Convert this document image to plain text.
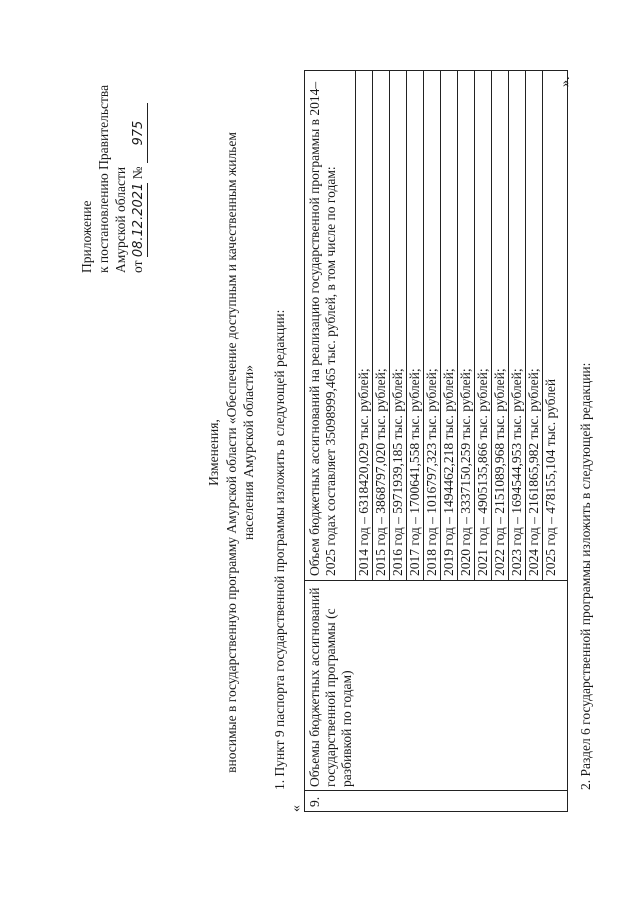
Приложение к постановлению Правительства Амурской области от 08.12.2021 № 975
Изменения, вносимые в государственную программу Амурской области «Обеспечение доступным и качественным жильем населения Амурской области» 1. Пункт 9 паспорта государственной программы изложить в следующей редакции:
«
9.
Объемы бюджетных ассигнований государственной программы (с разбивкой по годам)
Объем бюджетных ассигнований на реализацию государственной программы в 2014–2025 годах составляет 35098999,465 тыс. рублей, в том числе по годам: 2014 год – 6318420,029 тыс. рублей; 2015 год – 3868797,020 тыс. рублей; 2016 год – 5971939,185 тыс. рублей; 2017 год – 1700641,558 тыс. рублей; 2018 год – 1016797,323 тыс. рублей; 2019 год – 1494462,218 тыс. рублей; 2020 год – 3337150,259 тыс. рублей; 2021 год – 4905135,866 тыс. рублей; 2022 год – 2151089,968 тыс. рублей; 2023 год – 1694544,953 тыс. рублей; 2024 год – 2161865,982 тыс. рублей; 2025 год – 478155,104 тыс. рублей
».
2. Раздел 6 государственной программы изложить в следующей редакции:
